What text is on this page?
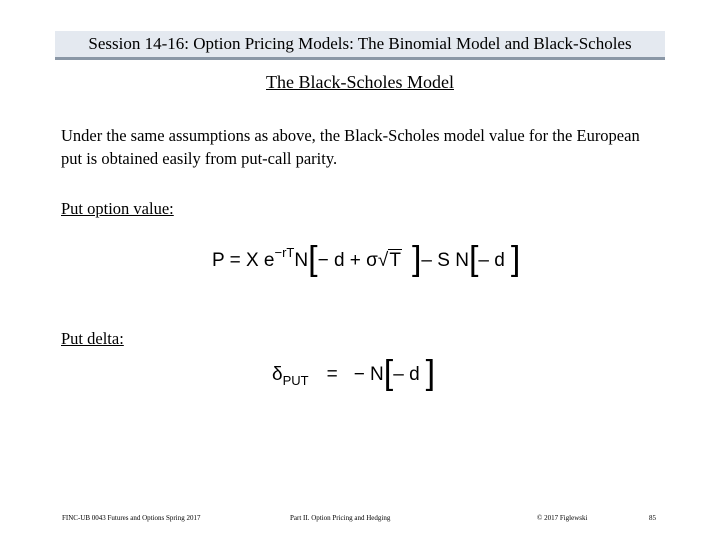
Session 14-16: Option Pricing Models: The Binomial Model and Black-Scholes
The Black-Scholes Model
Under the same assumptions as above, the Black-Scholes model value for the European put is obtained easily from put-call parity.
Put option value:
P = X e −rT N [ − d + σ √T ] – S N [ – d ]
Put delta:
δ PUT = − N [ – d ]
FINC-UB 0043 Futures and Options Spring 2017	Part II. Option Pricing and Hedging	© 2017 Figlewski	85
